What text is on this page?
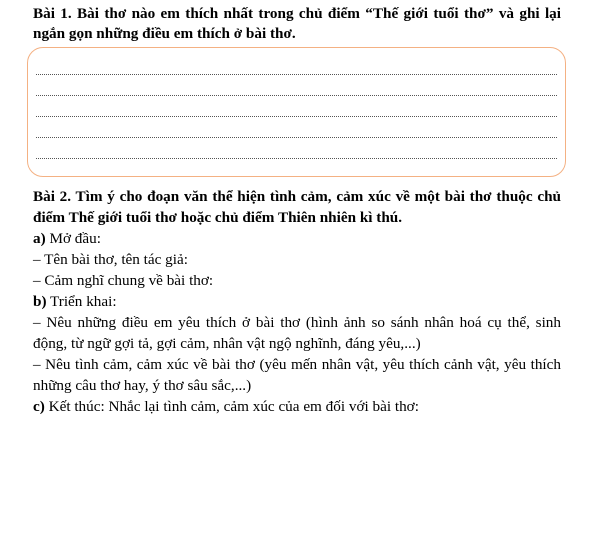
Bài 1. Bài thơ nào em thích nhất trong chủ điểm “Thế giới tuổi thơ” và ghi lại
ngắn gọn những điều em thích ở bài thơ.
Bài 2. Tìm ý cho đoạn văn thể hiện tình cảm, cảm xúc về một bài thơ thuộc chủ
điểm Thế giới tuổi thơ hoặc chủ điểm Thiên nhiên kì thú.
a) Mở đầu:
– Tên bài thơ, tên tác giả:
– Cảm nghĩ chung về bài thơ:
b) Triển khai:
– Nêu những điều em yêu thích ở bài thơ (hình ảnh so sánh nhân hoá cụ thể, sinh
động, từ ngữ gợi tả, gợi cảm, nhân vật ngộ nghĩnh, đáng yêu,...)
– Nêu tình cảm, cảm xúc về bài thơ (yêu mến nhân vật, yêu thích cảnh vật, yêu thích
những câu thơ hay, ý thơ sâu sắc,...)
c) Kết thúc: Nhắc lại tình cảm, cảm xúc của em đối với bài thơ:
